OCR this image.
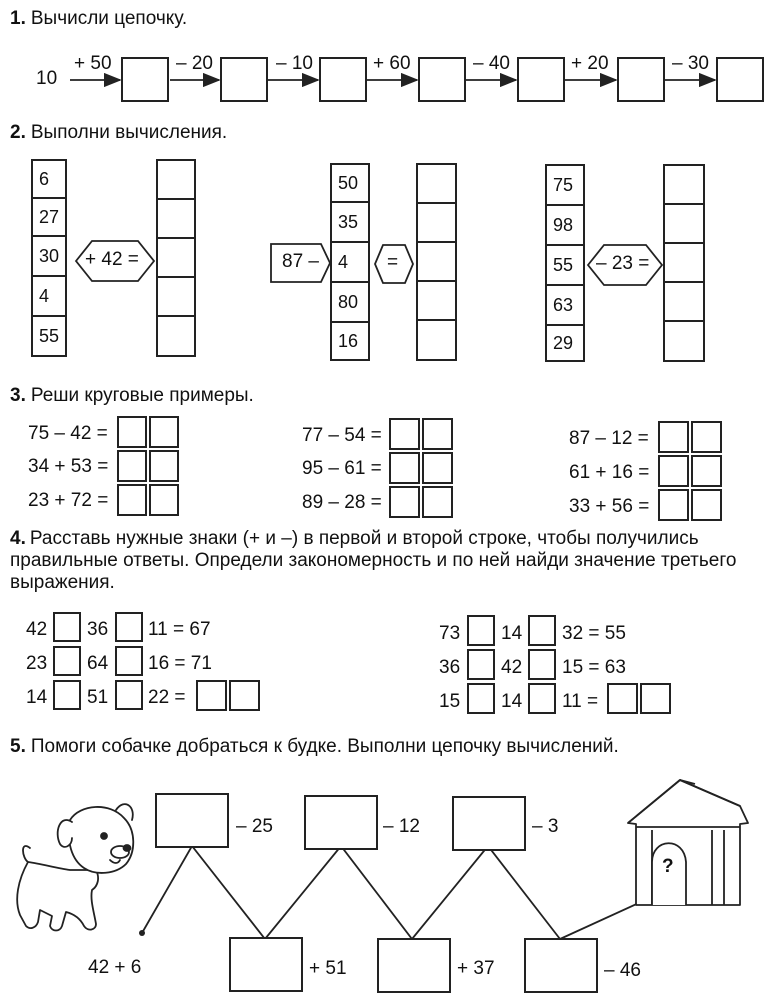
1. Вычисли цепочку.
10
+ 50	– 20	– 10	+ 60	– 40	+ 20	– 30
2. Выполни вычисления.
6
27
30
4
55
+ 42 =	87 –
50
35
4
80
16
=
75
98
55
63
29
– 23 =
3. Реши круговые примеры.
75 – 42 =
34 + 53 =
23 + 72 =
77 – 54 =
95 – 61 =
89 – 28 =
87 – 12 =
61 + 16 =
33 + 56 =
4. Расставь нужные знаки (+ и –) в первой и второй строке, чтобы получились правильные ответы. Определи закономерность и по ней найди значение третьего выражения.
42 36 11 = 67
23 64 16 = 71
14 51 22 =
73 14 32 = 55
36 42 15 = 63
15 14 11 =
5. Помоги собачке добраться к будке. Выполни цепочку вычислений.
– 25	– 12	– 3
+ 51	+ 37	– 46
42 + 6
?
